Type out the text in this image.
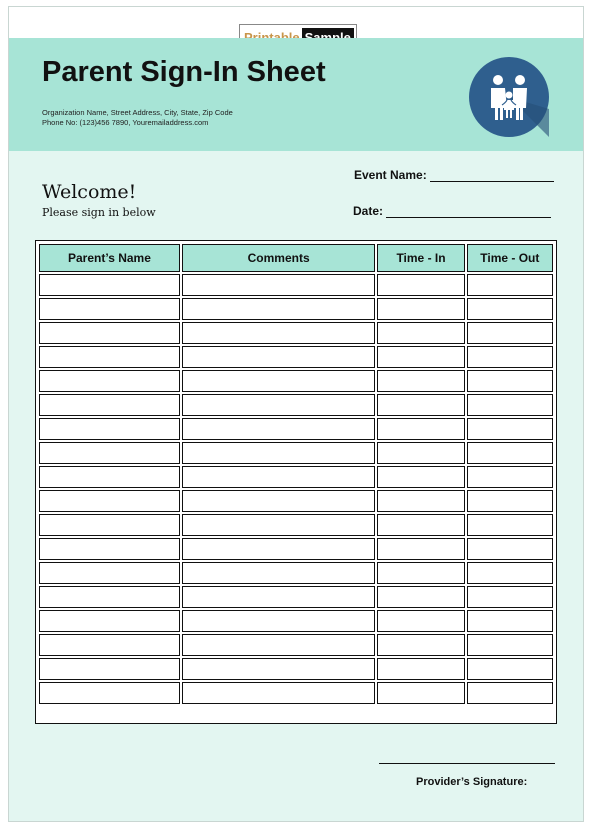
Parent Sign-In Sheet
Organization Name, Street Address, City, State, Zip Code
Phone No: (123)456 7890, Youremailaddress.com
Welcome!
Please sign in below
Event Name:
Date:
Parent’s Name	Comments	Time - In	Time - Out

Provider’s Signature:
